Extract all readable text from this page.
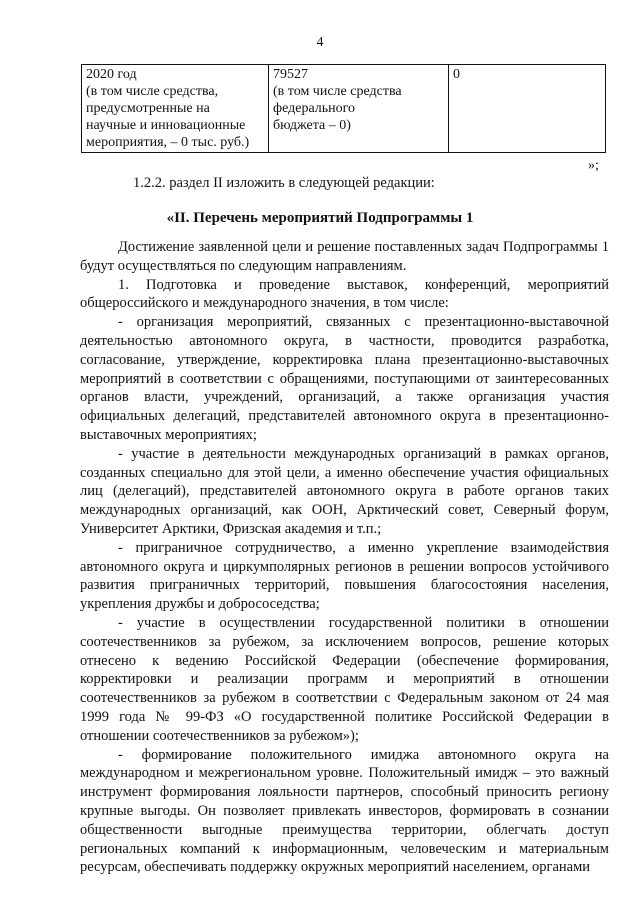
4
2020 год
(в том числе средства,
предусмотренные на
научные и инновационные
мероприятия, – 0 тыс. руб.)

79527
(в том числе средства
федерального
бюджета – 0)

0
»;
1.2.2. раздел II изложить в следующей редакции:
«II. Перечень мероприятий Подпрограммы 1

Достижение заявленной цели и решение поставленных задач Подпрограммы 1 будут осуществляться по следующим направлениям.

1. Подготовка и проведение выставок, конференций, мероприятий общероссийского и международного значения, в том числе:

- организация мероприятий, связанных с презентационно-выставочной деятельностью автономного округа, в частности, проводится разработка, согласование, утверждение, корректировка плана презентационно-выставочных мероприятий в соответствии с обращениями, поступающими от заинтересованных органов власти, учреждений, организаций, а также организация участия официальных делегаций, представителей автономного округа в презентационно-выставочных мероприятиях;

- участие в деятельности международных организаций в рамках органов, созданных специально для этой цели, а именно обеспечение участия официальных лиц (делегаций), представителей автономного округа в работе органов таких международных организаций, как ООН, Арктический совет, Северный форум, Университет Арктики, Фризская академия и т.п.;

- приграничное сотрудничество, а именно укрепление взаимодействия автономного округа и циркумполярных регионов в решении вопросов устойчивого развития приграничных территорий, повышения благосостояния населения, укрепления дружбы и добрососедства;

- участие в осуществлении государственной политики в отношении соотечественников за рубежом, за исключением вопросов, решение которых отнесено к ведению Российской Федерации (обеспечение формирования, корректировки и реализации программ и мероприятий в отношении соотечественников за рубежом в соответствии с Федеральным законом от 24 мая 1999 года № 99-ФЗ «О государственной политике Российской Федерации в отношении соотечественников за рубежом»);

- формирование положительного имиджа автономного округа на международном и межрегиональном уровне. Положительный имидж – это важный инструмент формирования лояльности партнеров, способный приносить региону крупные выгоды. Он позволяет привлекать инвесторов, формировать в сознании общественности выгодные преимущества территории, облегчать доступ региональных компаний к информационным, человеческим и материальным ресурсам, обеспечивать поддержку окружных мероприятий населением, органами
